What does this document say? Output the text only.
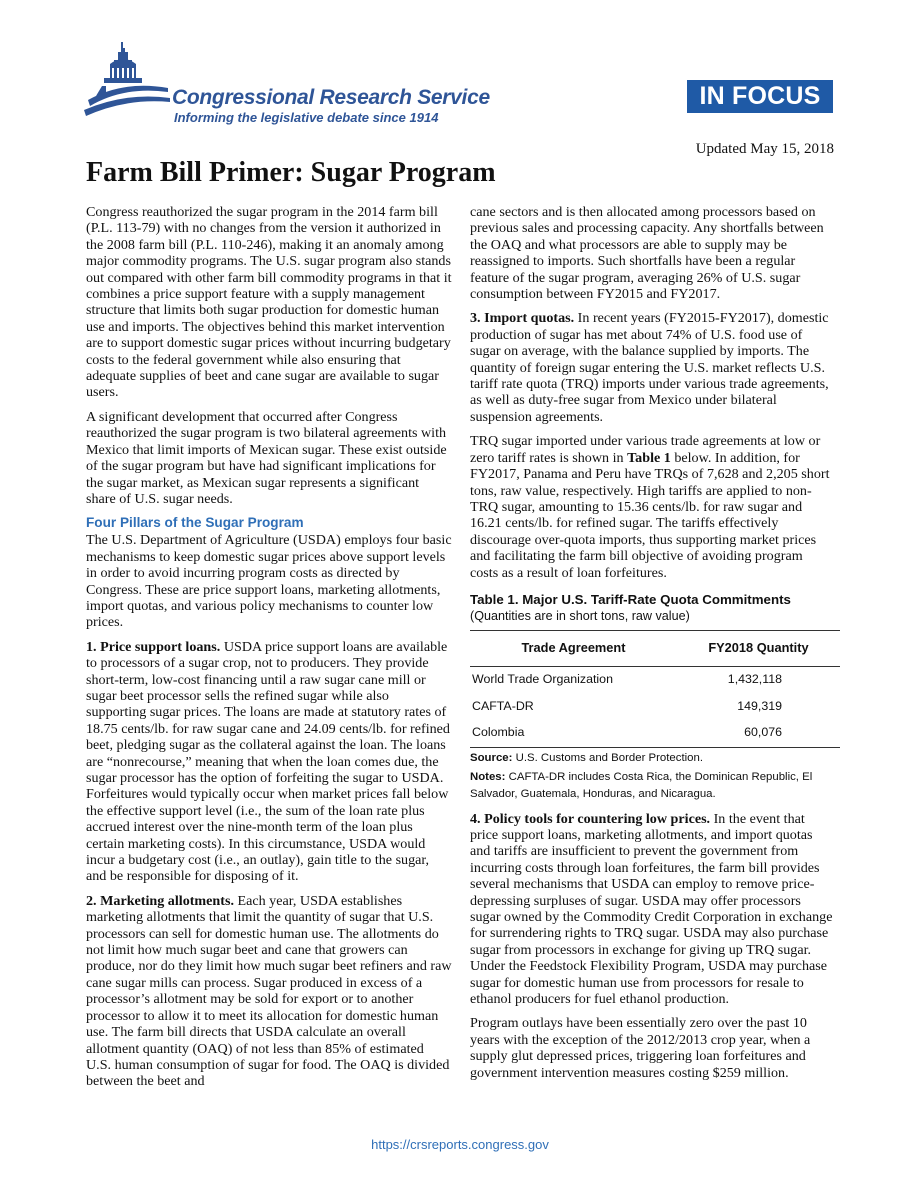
Congressional Research Service
Informing the legislative debate since 1914
IN FOCUS
Updated May 15, 2018
Farm Bill Primer: Sugar Program

Congress reauthorized the sugar program in the 2014 farm bill (P.L. 113-79) with no changes from the version it authorized in the 2008 farm bill (P.L. 110-246), making it an anomaly among major commodity programs. The U.S. sugar program also stands out compared with other farm bill commodity programs in that it combines a price support feature with a supply management structure that limits both sugar production for domestic human use and imports. The objectives behind this market intervention are to support domestic sugar prices without incurring budgetary costs to the federal government while also ensuring that adequate supplies of beet and cane sugar are available to sugar users.

A significant development that occurred after Congress reauthorized the sugar program is two bilateral agreements with Mexico that limit imports of Mexican sugar. These exist outside of the sugar program but have had significant implications for the sugar market, as Mexican sugar represents a significant share of U.S. sugar needs.

Four Pillars of the Sugar Program

The U.S. Department of Agriculture (USDA) employs four basic mechanisms to keep domestic sugar prices above support levels in order to avoid incurring program costs as directed by Congress. These are price support loans, marketing allotments, import quotas, and various policy mechanisms to counter low prices.

1. Price support loans. USDA price support loans are available to processors of a sugar crop, not to producers. They provide short-term, low-cost financing until a raw sugar cane mill or sugar beet processor sells the refined sugar while also supporting sugar prices. The loans are made at statutory rates of 18.75 cents/lb. for raw sugar cane and 24.09 cents/lb. for refined beet, pledging sugar as the collateral against the loan. The loans are “nonrecourse,” meaning that when the loan comes due, the sugar processor has the option of forfeiting the sugar to USDA. Forfeitures would typically occur when market prices fall below the effective support level (i.e., the sum of the loan rate plus accrued interest over the nine-month term of the loan plus certain marketing costs). In this circumstance, USDA would incur a budgetary cost (i.e., an outlay), gain title to the sugar, and be responsible for disposing of it.

2. Marketing allotments. Each year, USDA establishes marketing allotments that limit the quantity of sugar that U.S. processors can sell for domestic human use. The allotments do not limit how much sugar beet and cane that growers can produce, nor do they limit how much sugar beet refiners and raw cane sugar mills can process. Sugar produced in excess of a processor’s allotment may be sold for export or to another processor to allow it to meet its allocation for domestic human use. The farm bill directs that USDA calculate an overall allotment quantity (OAQ) of not less than 85% of estimated U.S. human consumption of sugar for food. The OAQ is divided between the beet and

cane sectors and is then allocated among processors based on previous sales and processing capacity. Any shortfalls between the OAQ and what processors are able to supply may be reassigned to imports. Such shortfalls have been a regular feature of the sugar program, averaging 26% of U.S. sugar consumption between FY2015 and FY2017.

3. Import quotas. In recent years (FY2015-FY2017), domestic production of sugar has met about 74% of U.S. food use of sugar on average, with the balance supplied by imports. The quantity of foreign sugar entering the U.S. market reflects U.S. tariff rate quota (TRQ) imports under various trade agreements, as well as duty-free sugar from Mexico under bilateral suspension agreements.

TRQ sugar imported under various trade agreements at low or zero tariff rates is shown in Table 1 below. In addition, for FY2017, Panama and Peru have TRQs of 7,628 and 2,205 short tons, raw value, respectively. High tariffs are applied to non-TRQ sugar, amounting to 15.36 cents/lb. for raw sugar and 16.21 cents/lb. for refined sugar. The tariffs effectively discourage over-quota imports, thus supporting market prices and facilitating the farm bill objective of avoiding program costs as a result of loan forfeitures.

Table 1. Major U.S. Tariff-Rate Quota Commitments
(Quantities are in short tons, raw value)
Trade Agreement	FY2018 Quantity
World Trade Organization	1,432,118
CAFTA-DR	149,319
Colombia	60,076
Source: U.S. Customs and Border Protection.
Notes: CAFTA-DR includes Costa Rica, the Dominican Republic, El Salvador, Guatemala, Honduras, and Nicaragua.

4. Policy tools for countering low prices. In the event that price support loans, marketing allotments, and import quotas and tariffs are insufficient to prevent the government from incurring costs through loan forfeitures, the farm bill provides several mechanisms that USDA can employ to remove price-depressing surpluses of sugar. USDA may offer processors sugar owned by the Commodity Credit Corporation in exchange for surrendering rights to TRQ sugar. USDA may also purchase sugar from processors in exchange for giving up TRQ sugar. Under the Feedstock Flexibility Program, USDA may purchase sugar for domestic human use from processors for resale to ethanol producers for fuel ethanol production.

Program outlays have been essentially zero over the past 10 years with the exception of the 2012/2013 crop year, when a supply glut depressed prices, triggering loan forfeitures and government intervention measures costing $259 million.

https://crsreports.congress.gov
